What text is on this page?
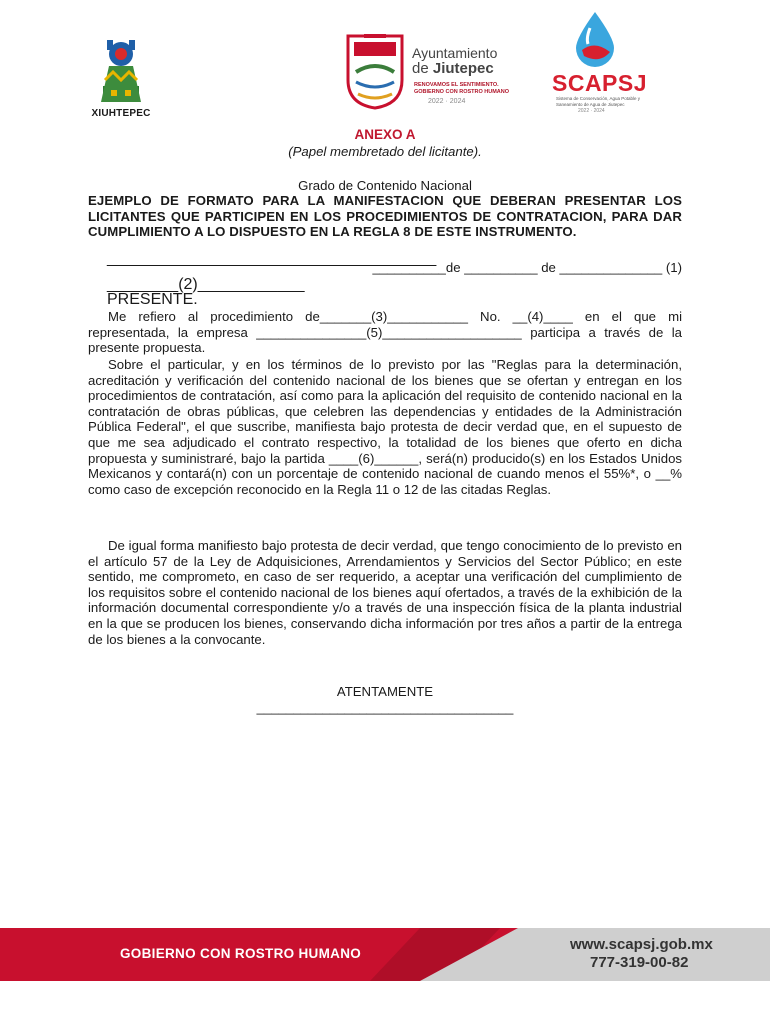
XIUHTEPEC
Ayuntamiento
de Jiutepec
RENOVAMOS EL SENTIMIENTO.
GOBIERNO CON ROSTRO HUMANO
2022 · 2024
SCAPSJ
Sistema de Conservación, Agua Potable y
Saneamiento de Agua de Jiutepec
2022 · 2024
ANEXO A
(Papel membretado del licitante).
Grado de Contenido Nacional
EJEMPLO DE FORMATO PARA LA MANIFESTACION QUE DEBERAN PRESENTAR LOS LICITANTES QUE PARTICIPEN EN LOS PROCEDIMIENTOS DE CONTRATACION, PARA DAR CUMPLIMIENTO A LO DISPUESTO EN LA REGLA 8 DE ESTE INSTRUMENTO.
_____________________________________
__________de __________ de ______________ (1)
________(2)____________
PRESENTE.
Me refiero al procedimiento de_______(3)___________ No. __(4)____ en el que mi representada, la empresa _______________(5)___________________ participa a través de la presente propuesta.
Sobre el particular, y en los términos de lo previsto por las "Reglas para la determinación, acreditación y verificación del contenido nacional de los bienes que se ofertan y entregan en los procedimientos de contratación, así como para la aplicación del requisito de contenido nacional en la contratación de obras públicas, que celebren las dependencias y entidades de la Administración Pública Federal", el que suscribe, manifiesta bajo protesta de decir verdad que, en el supuesto de que me sea adjudicado el contrato respectivo, la totalidad de los bienes que oferto en dicha propuesta y suministraré, bajo la partida ____(6)______, será(n) producido(s) en los Estados Unidos Mexicanos y contará(n) con un porcentaje de contenido nacional de cuando menos el 55%*, o __% como caso de excepción reconocido en la Regla 11 o 12 de las citadas Reglas.
De igual forma manifiesto bajo protesta de decir verdad, que tengo conocimiento de lo previsto en el artículo 57 de la Ley de Adquisiciones, Arrendamientos y Servicios del Sector Público; en este sentido, me comprometo, en caso de ser requerido, a aceptar una verificación del cumplimiento de los requisitos sobre el contenido nacional de los bienes aquí ofertados, a través de la exhibición de la información documental correspondiente y/o a través de una inspección física de la planta industrial en la que se producen los bienes, conservando dicha información por tres años a partir de la entrega de los bienes a la convocante.
ATENTAMENTE
___________________________________
GOBIERNO CON ROSTRO HUMANO
www.scapsj.gob.mx
777-319-00-82
